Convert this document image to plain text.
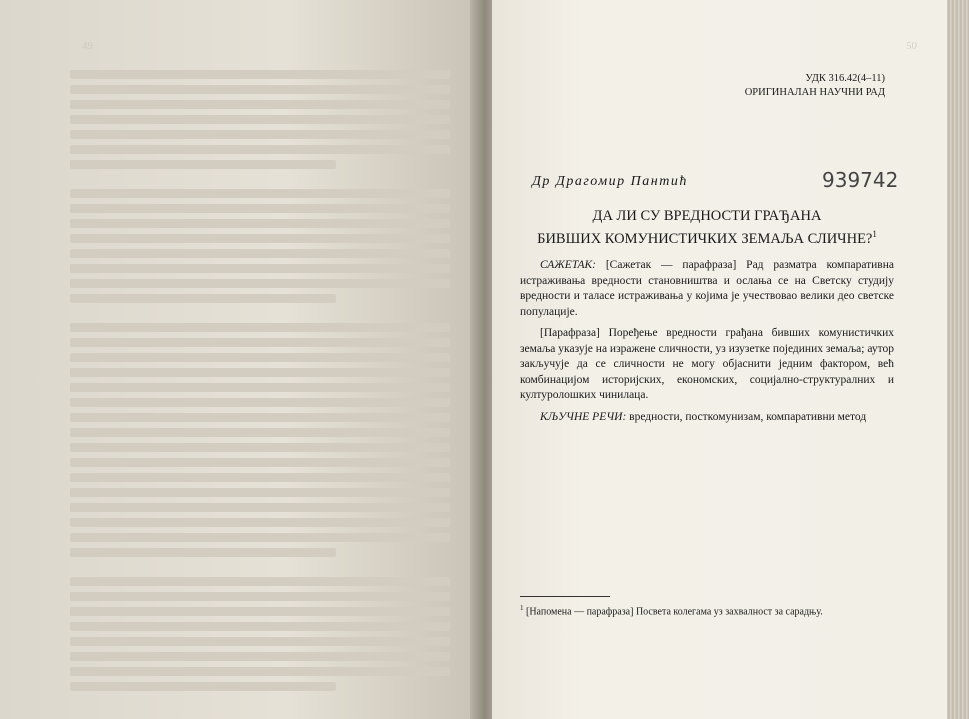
49	50
УДК 316.42(4–11)
ОРИГИНАЛАН НАУЧНИ РАД
Др Драгомир Пантић	939742
ДА ЛИ СУ ВРЕДНОСТИ ГРАЂАНА
БИВШИХ КОМУНИСТИЧКИХ ЗЕМАЉА СЛИЧНЕ?$^1$

САЖЕТАК: [Сажетак — парафраза] Рад разматра компаративна истраживања вредности становништва и ослања се на Светску студију вредности и таласе истраживања у којима је учествовао велики део светске популације.

[Парафраза] Поређење вредности грађана бивших комунистичких земаља указује на изражене сличности, уз изузетке појединих земаља; аутор закључује да се сличности не могу објаснити једним фактором, већ комбинацијом историјских, економских, социјално-структуралних и културолошких чинилаца.

КЉУЧНЕ РЕЧИ: вредности, посткомунизам, компаративни метод

$^1$ [Напомена — парафраза] Посвета колегама уз захвалност за сарадњу.
